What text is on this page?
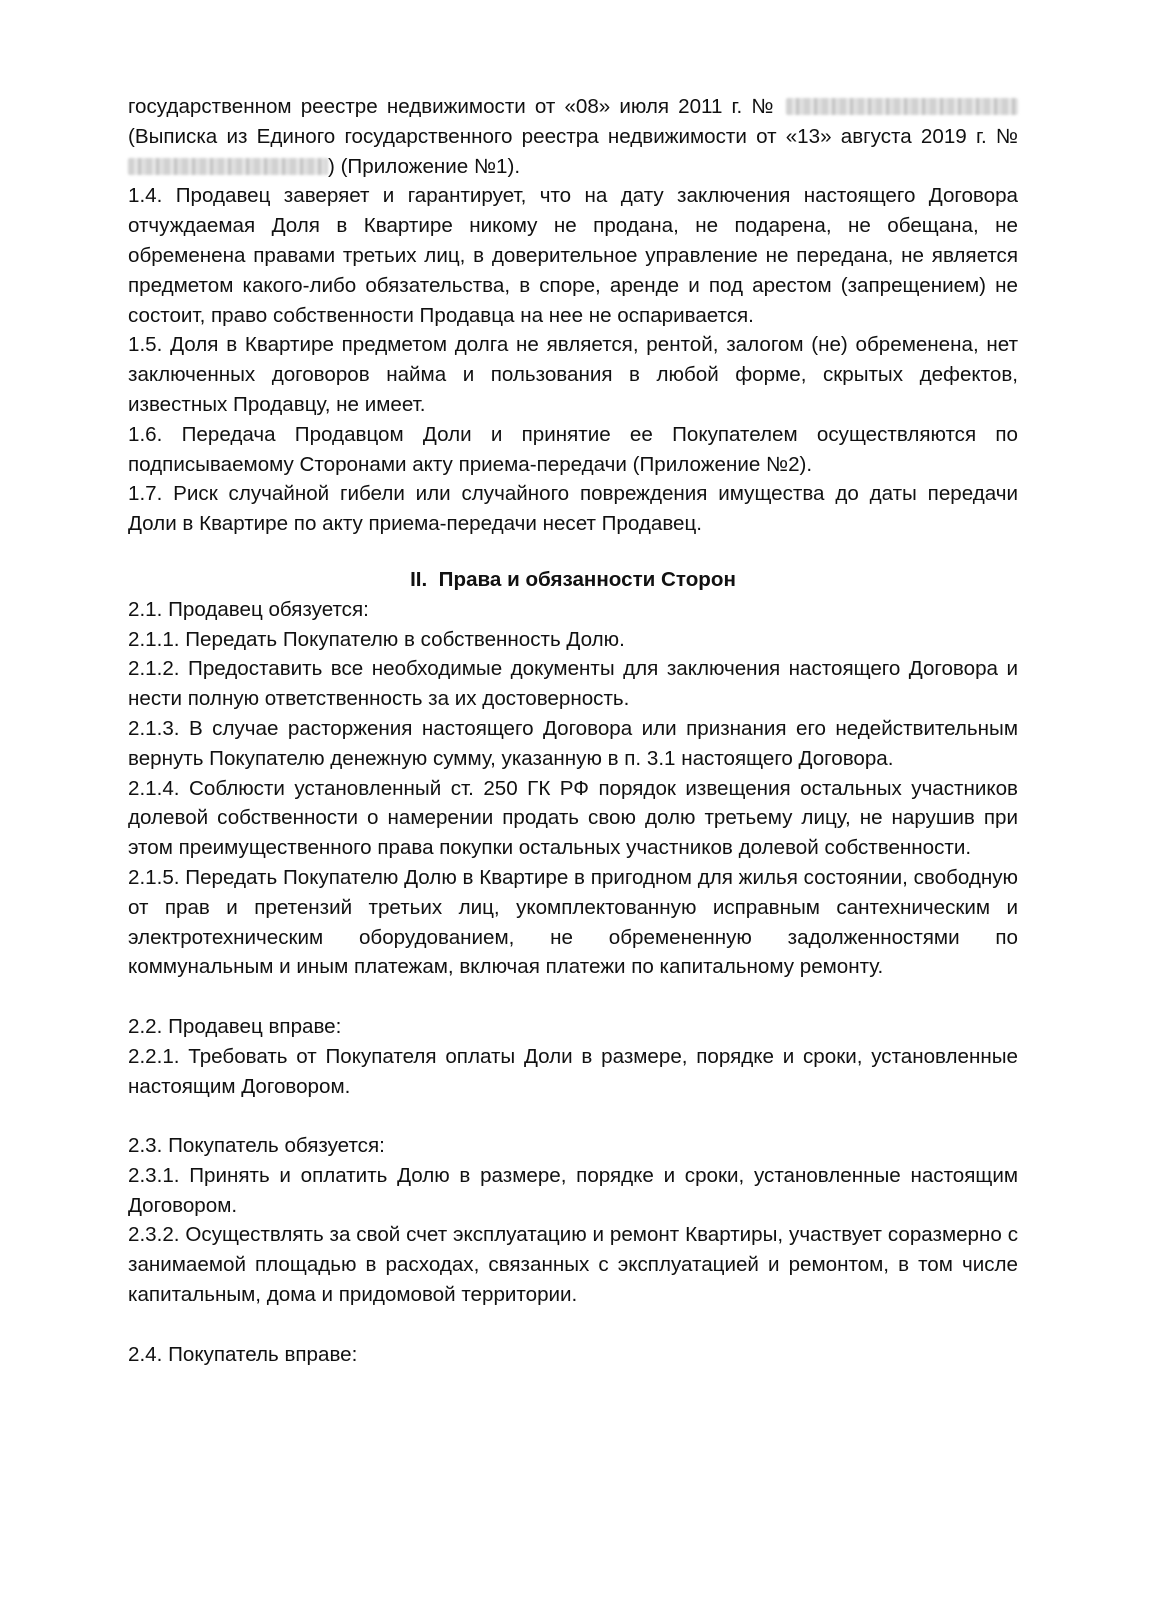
государственном реестре недвижимости от «08» июля 2011 г. №  (Выписка из Единого государственного реестра недвижимости от «13» августа 2019 г. №) (Приложение №1).

1.4. Продавец заверяет и гарантирует, что на дату заключения настоящего Договора отчуждаемая Доля в Квартире никому не продана, не подарена, не обещана, не обременена правами третьих лиц, в доверительное управление не передана, не является предметом какого-либо обязательства, в споре, аренде и под арестом (запрещением) не состоит, право собственности Продавца на нее не оспаривается.

1.5. Доля в Квартире предметом долга не является, рентой, залогом (не) обременена, нет заключенных договоров найма и пользования в любой форме, скрытых дефектов, известных Продавцу, не имеет.

1.6. Передача Продавцом Доли и принятие ее Покупателем осуществляются по подписываемому Сторонами акту приема-передачи (Приложение №2).

1.7. Риск случайной гибели или случайного повреждения имущества до даты передачи Доли в Квартире по акту приема-передачи несет Продавец.

II.  Права и обязанности Сторон

2.1. Продавец обязуется:

2.1.1. Передать Покупателю в собственность Долю.

2.1.2. Предоставить все необходимые документы для заключения настоящего Договора и нести полную ответственность за их достоверность.

2.1.3. В случае расторжения настоящего Договора или признания его недействительным вернуть Покупателю денежную сумму, указанную в п. 3.1 настоящего Договора.

2.1.4. Соблюсти установленный ст. 250 ГК РФ порядок извещения остальных участников долевой собственности о намерении продать свою долю третьему лицу, не нарушив при этом преимущественного права покупки остальных участников долевой собственности.

2.1.5. Передать Покупателю Долю в Квартире в пригодном для жилья состоянии, свободную от прав и претензий третьих лиц, укомплектованную исправным сантехническим и электротехническим оборудованием, не обремененную задолженностями по коммунальным и иным платежам, включая платежи по капитальному ремонту.

2.2. Продавец вправе:

2.2.1. Требовать от Покупателя оплаты Доли в размере, порядке и сроки, установленные настоящим Договором.

2.3. Покупатель обязуется:

2.3.1. Принять и оплатить Долю в размере, порядке и сроки, установленные настоящим Договором.

2.3.2. Осуществлять за свой счет эксплуатацию и ремонт Квартиры, участвует соразмерно с занимаемой площадью в расходах, связанных с эксплуатацией и ремонтом, в том числе капитальным, дома и придомовой территории.

2.4. Покупатель вправе:
